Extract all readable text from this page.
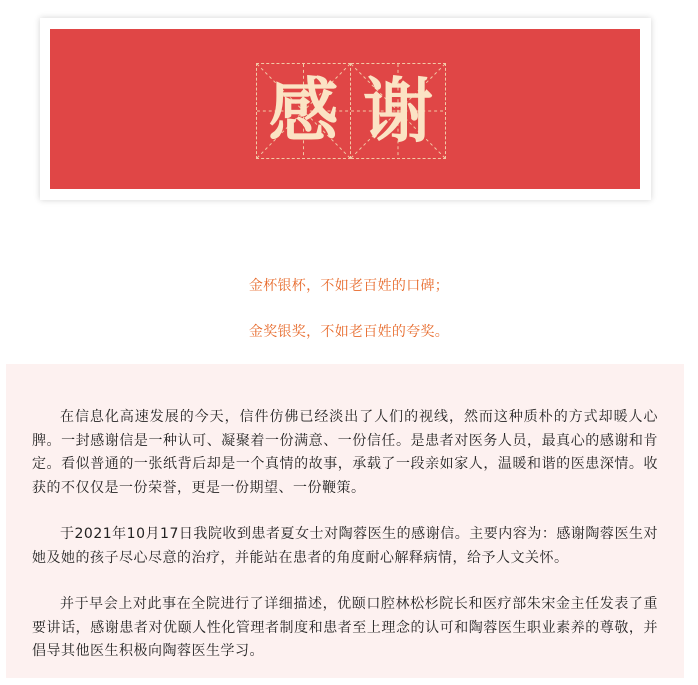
感 谢

金杯银杯，不如老百姓的口碑；

金奖银奖，不如老百姓的夸奖。

在信息化高速发展的今天，信件仿佛已经淡出了人们的视线，然而这种质朴的方式却暖人心脾。一封感谢信是一种认可、凝聚着一份满意、一份信任。是患者对医务人员，最真心的感谢和肯定。看似普通的一张纸背后却是一个真情的故事，承载了一段亲如家人，温暖和谐的医患深情。收获的不仅仅是一份荣誉，更是一份期望、一份鞭策。

于2021年10月17日我院收到患者夏女士对陶蓉医生的感谢信。主要内容为：感谢陶蓉医生对她及她的孩子尽心尽意的治疗，并能站在患者的角度耐心解释病情，给予人文关怀。

并于早会上对此事在全院进行了详细描述，优颐口腔林松杉院长和医疗部朱宋金主任发表了重要讲话，感谢患者对优颐人性化管理者制度和患者至上理念的认可和陶蓉医生职业素养的尊敬，并倡导其他医生积极向陶蓉医生学习。
